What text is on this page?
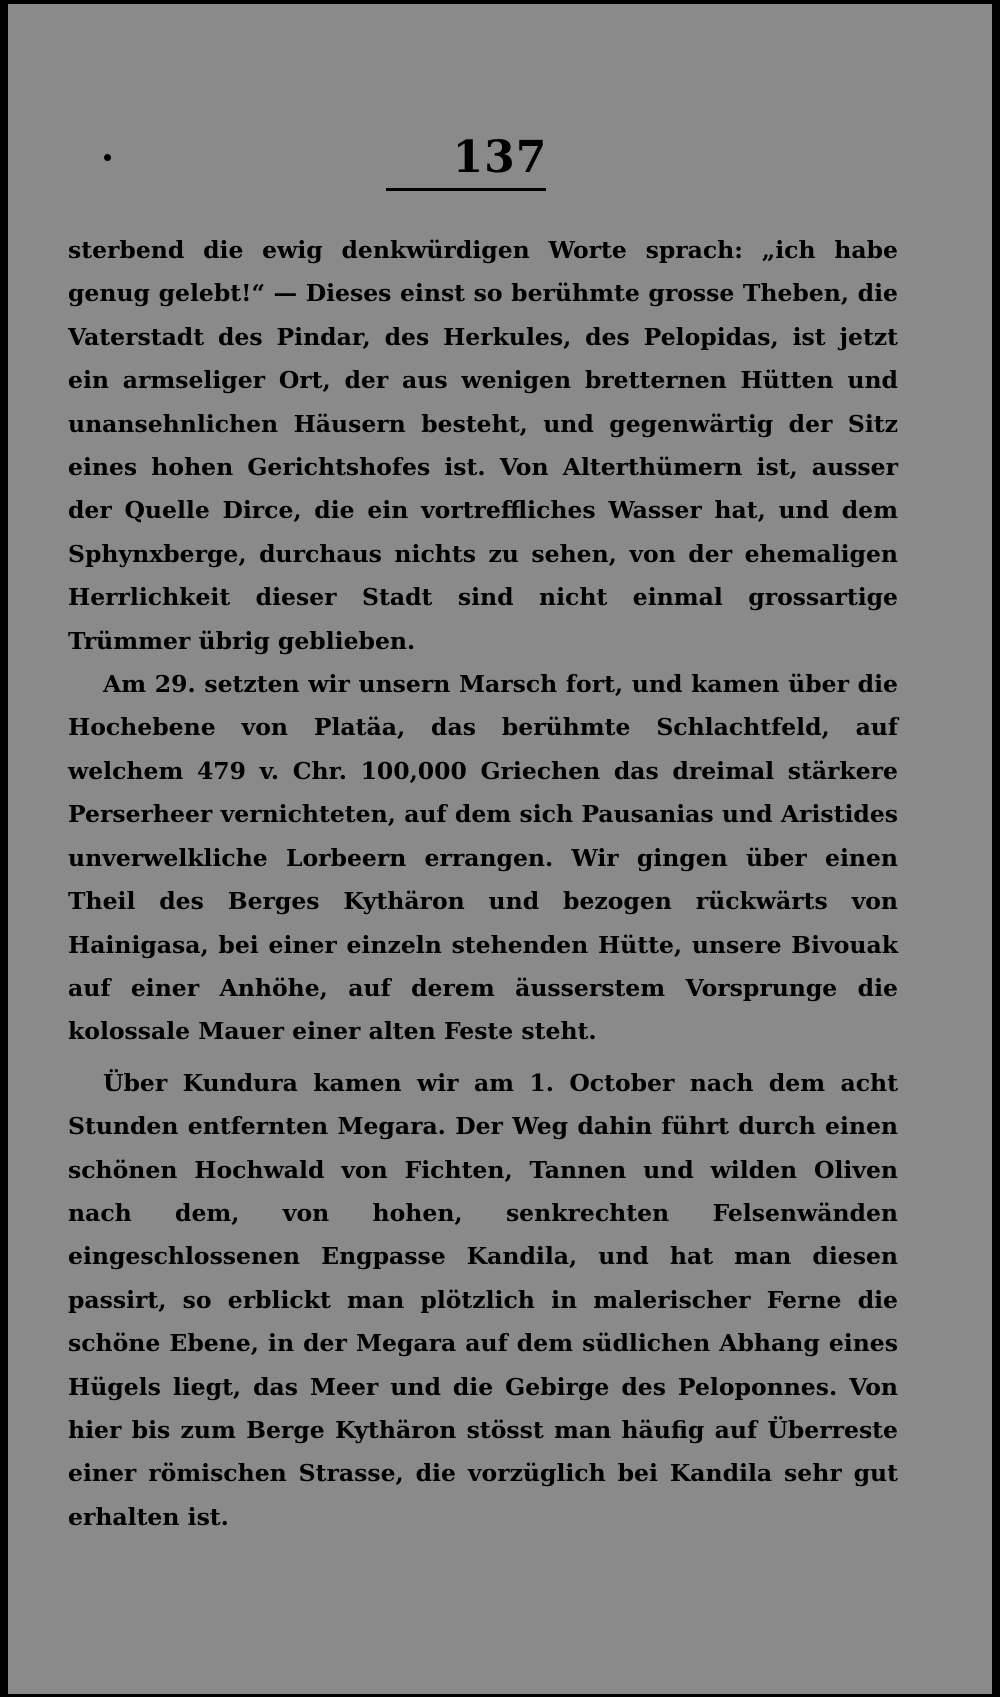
137

sterbend die ewig denkwürdigen Worte sprach: „ich habe genug gelebt!“ — Dieses einst so berühmte grosse Theben, die Vaterstadt des Pindar, des Herkules, des Pelopidas, ist jetzt ein armseliger Ort, der aus wenigen bretternen Hütten und unansehnlichen Häusern besteht, und gegenwärtig der Sitz eines hohen Gerichtshofes ist. Von Alterthümern ist, ausser der Quelle Dirce, die ein vortreffliches Wasser hat, und dem Sphynxberge, durchaus nichts zu sehen, von der ehemaligen Herrlichkeit dieser Stadt sind nicht einmal grossartige Trümmer übrig geblieben.

Am 29. setzten wir unsern Marsch fort, und kamen über die Hochebene von Platäa, das berühmte Schlachtfeld, auf welchem 479 v. Chr. 100,000 Griechen das dreimal stärkere Perserheer vernichteten, auf dem sich Pausanias und Aristides unverwelkliche Lorbeern errangen. Wir gingen über einen Theil des Berges Kythäron und bezogen rückwärts von Hainigasa, bei einer einzeln stehenden Hütte, unsere Bivouak auf einer Anhöhe, auf derem äusserstem Vorsprunge die kolossale Mauer einer alten Feste steht.

Über Kundura kamen wir am 1. October nach dem acht Stunden entfernten Megara. Der Weg dahin führt durch einen schönen Hochwald von Fichten, Tannen und wilden Oliven nach dem, von hohen, senkrechten Felsenwänden eingeschlossenen Engpasse Kandila, und hat man diesen passirt, so erblickt man plötzlich in malerischer Ferne die schöne Ebene, in der Megara auf dem südlichen Abhang eines Hügels liegt, das Meer und die Gebirge des Peloponnes. Von hier bis zum Berge Kythäron stösst man häufig auf Überreste einer römischen Strasse, die vorzüglich bei Kandila sehr gut erhalten ist.
